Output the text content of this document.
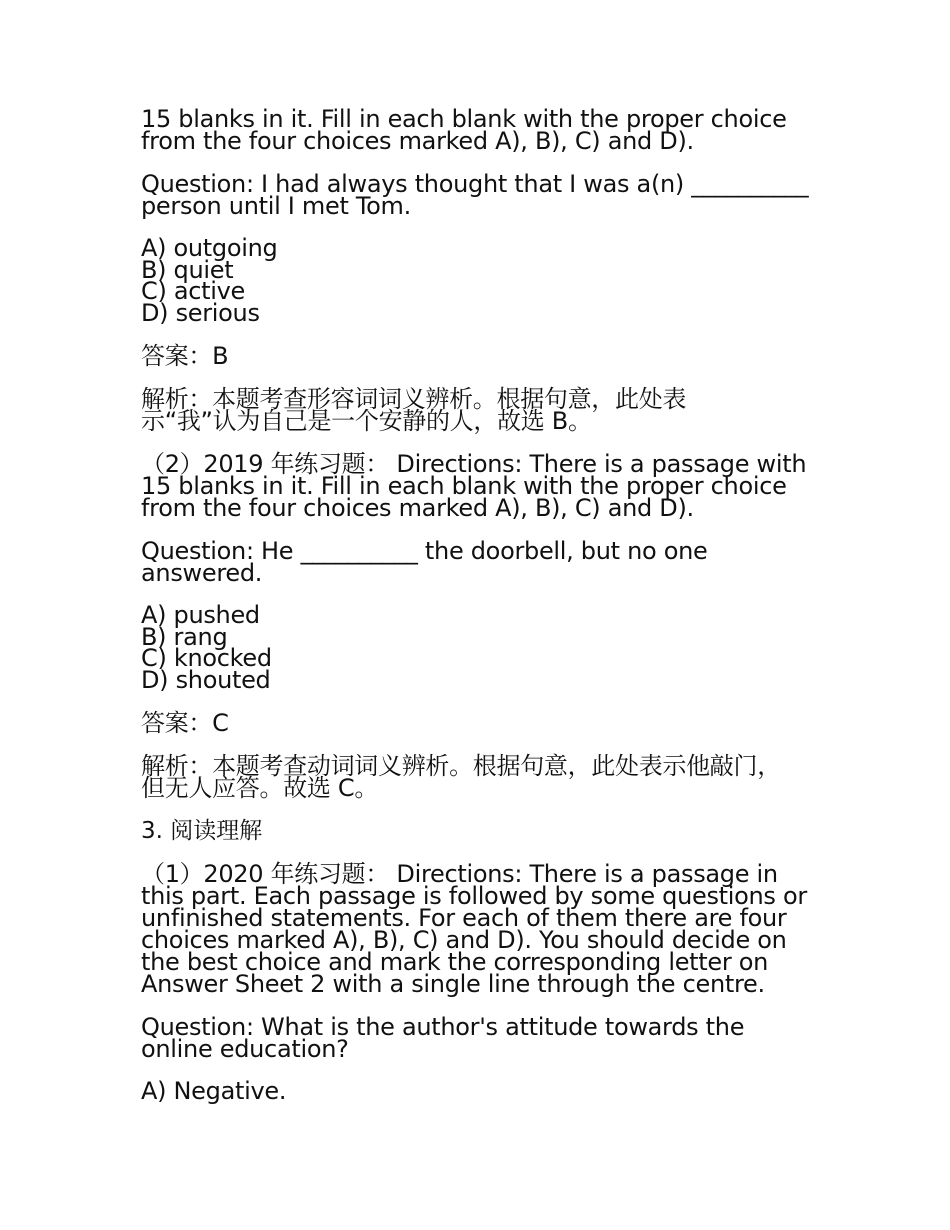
15 blanks in it. Fill in each blank with the proper choice
from the four choices marked A), B), C) and D).
Question: I had always thought that I was a(n) __________
person until I met Tom.
A) outgoing
B) quiet
C) active
D) serious
答案：B
解析：本题考查形容词词义辨析。根据句意，此处表
示“我”认为自己是一个安静的人，故选 B。
（2）2019 年练习题： Directions: There is a passage with
15 blanks in it. Fill in each blank with the proper choice
from the four choices marked A), B), C) and D).
Question: He __________ the doorbell, but no one
answered.
A) pushed
B) rang
C) knocked
D) shouted
答案：C
解析：本题考查动词词义辨析。根据句意，此处表示他敲门，
但无人应答。故选 C。
3. 阅读理解
（1）2020 年练习题： Directions: There is a passage in
this part. Each passage is followed by some questions or
unfinished statements. For each of them there are four
choices marked A), B), C) and D). You should decide on
the best choice and mark the corresponding letter on
Answer Sheet 2 with a single line through the centre.
Question: What is the author's attitude towards the
online education?
A) Negative.
